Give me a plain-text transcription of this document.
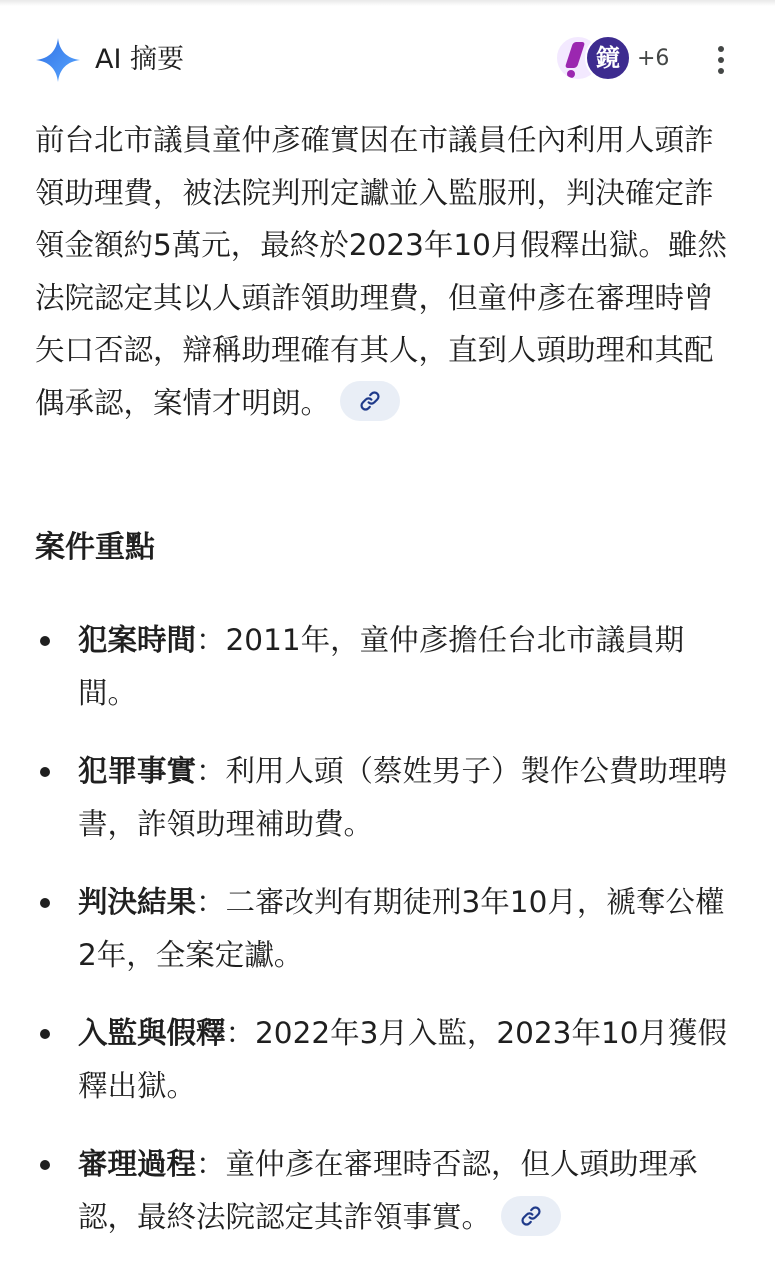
AI 摘要	鏡 +6

前台北市議員童仲彥確實因在市議員任內利用人頭詐領助理費，被法院判刑定讞並入監服刑，判決確定詐領金額約5萬元，最終於2023年10月假釋出獄。雖然法院認定其以人頭詐領助理費，但童仲彥在審理時曾矢口否認，辯稱助理確有其人，直到人頭助理和其配偶承認，案情才明朗。

案件重點
犯案時間：2011年，童仲彥擔任台北市議員期間。
犯罪事實：利用人頭（蔡姓男子）製作公費助理聘書，詐領助理補助費。
判決結果：二審改判有期徒刑3年10月，褫奪公權2年，全案定讞。
入監與假釋：2022年3月入監，2023年10月獲假釋出獄。
審理過程：童仲彥在審理時否認，但人頭助理承認，最終法院認定其詐領事實。
